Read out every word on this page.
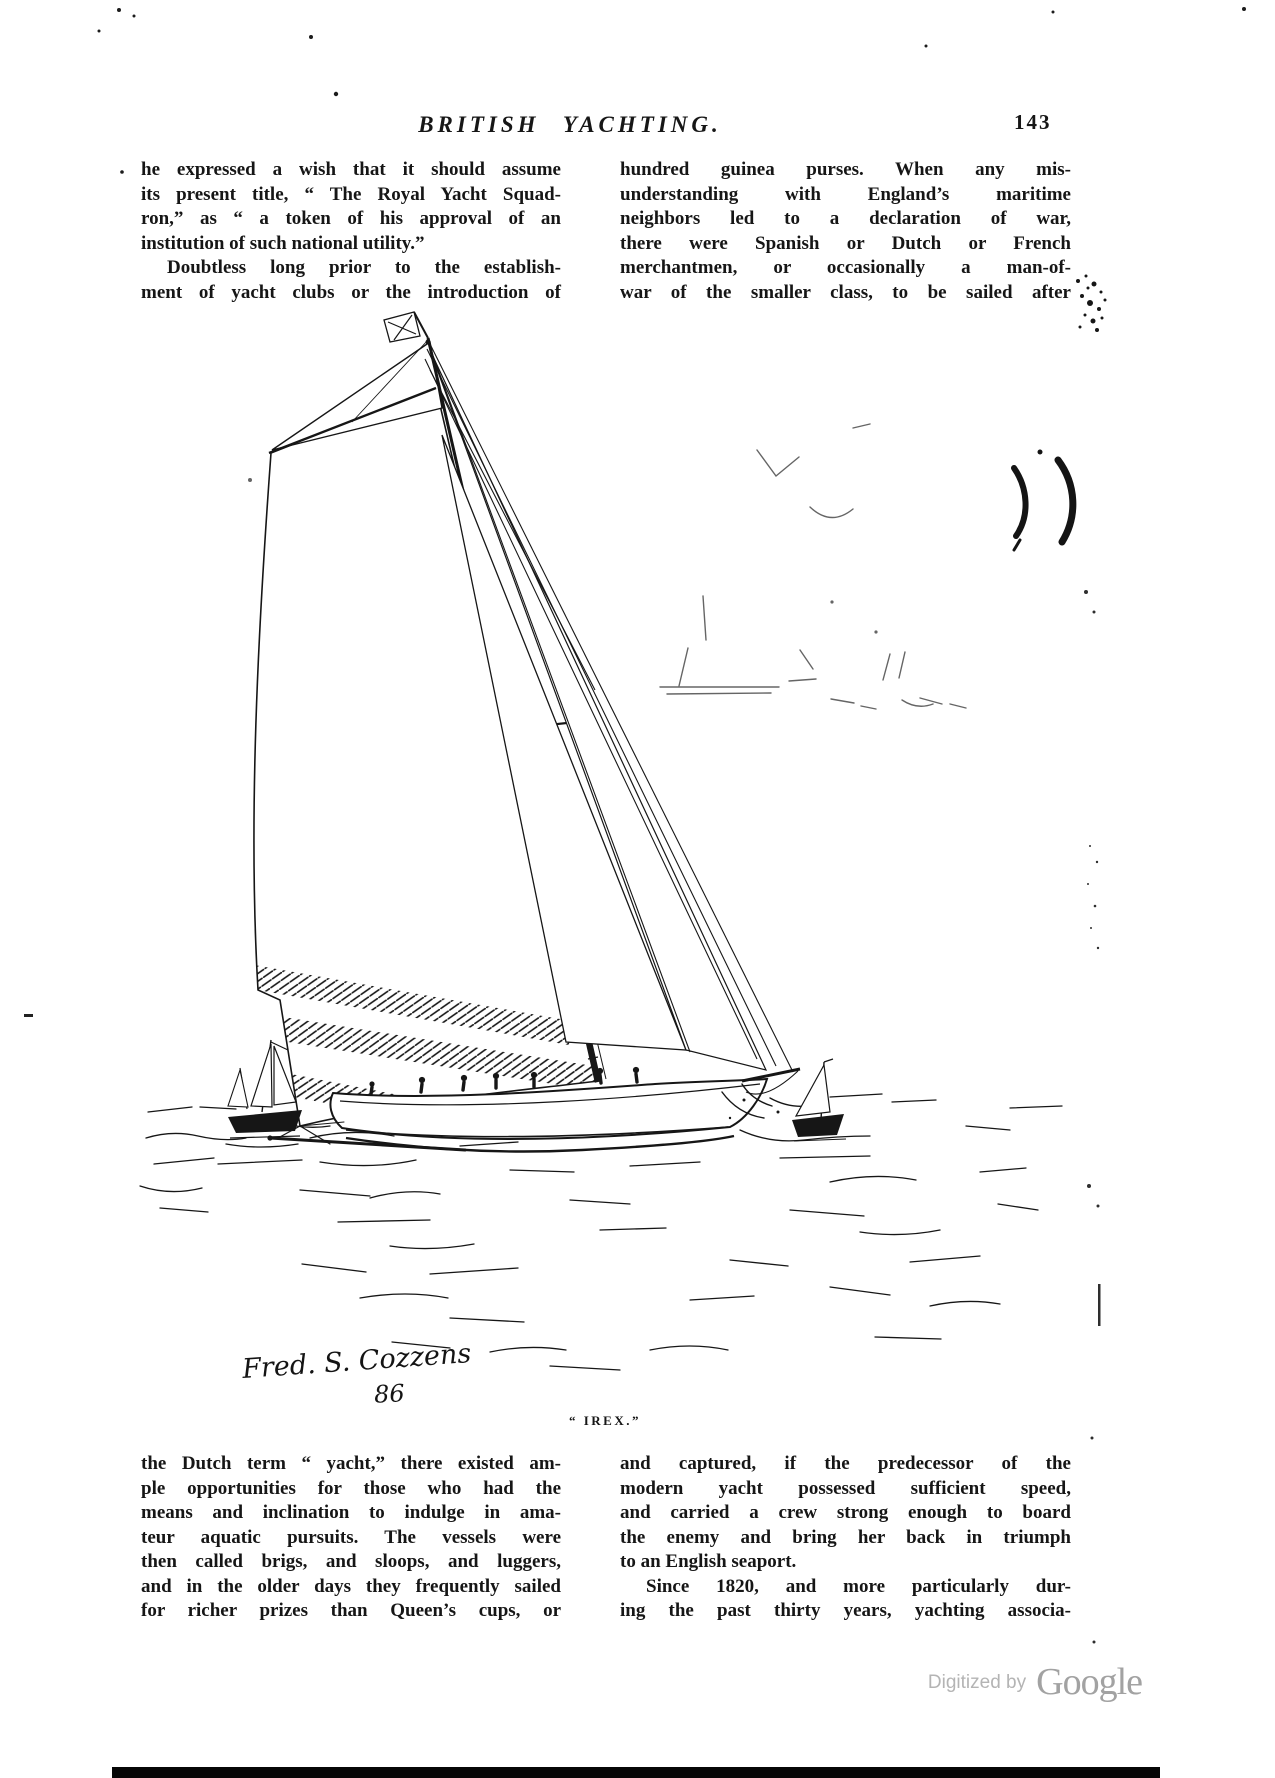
BRITISH YACHTING.	143
he expressed a wish that it should assume
its present title, “ The Royal Yacht Squad-
ron,” as “ a token of his approval of an
institution of such national utility.”
Doubtless long prior to the establish-
ment of yacht clubs or the introduction of
hundred guinea purses. When any mis-
understanding with England’s maritime
neighbors led to a declaration of war,
there were Spanish or Dutch or French
merchantmen, or occasionally a man-of-
war of the smaller class, to be sailed after
Fred. S. Cozzens
86
“ IREX.”
the Dutch term “ yacht,” there existed am-
ple opportunities for those who had the
means and inclination to indulge in ama-
teur aquatic pursuits. The vessels were
then called brigs, and sloops, and luggers,
and in the older days they frequently sailed
for richer prizes than Queen’s cups, or
and captured, if the predecessor of the
modern yacht possessed sufficient speed,
and carried a crew strong enough to board
the enemy and bring her back in triumph
to an English seaport.
Since 1820, and more particularly dur-
ing the past thirty years, yachting associa-
Digitized by Google
